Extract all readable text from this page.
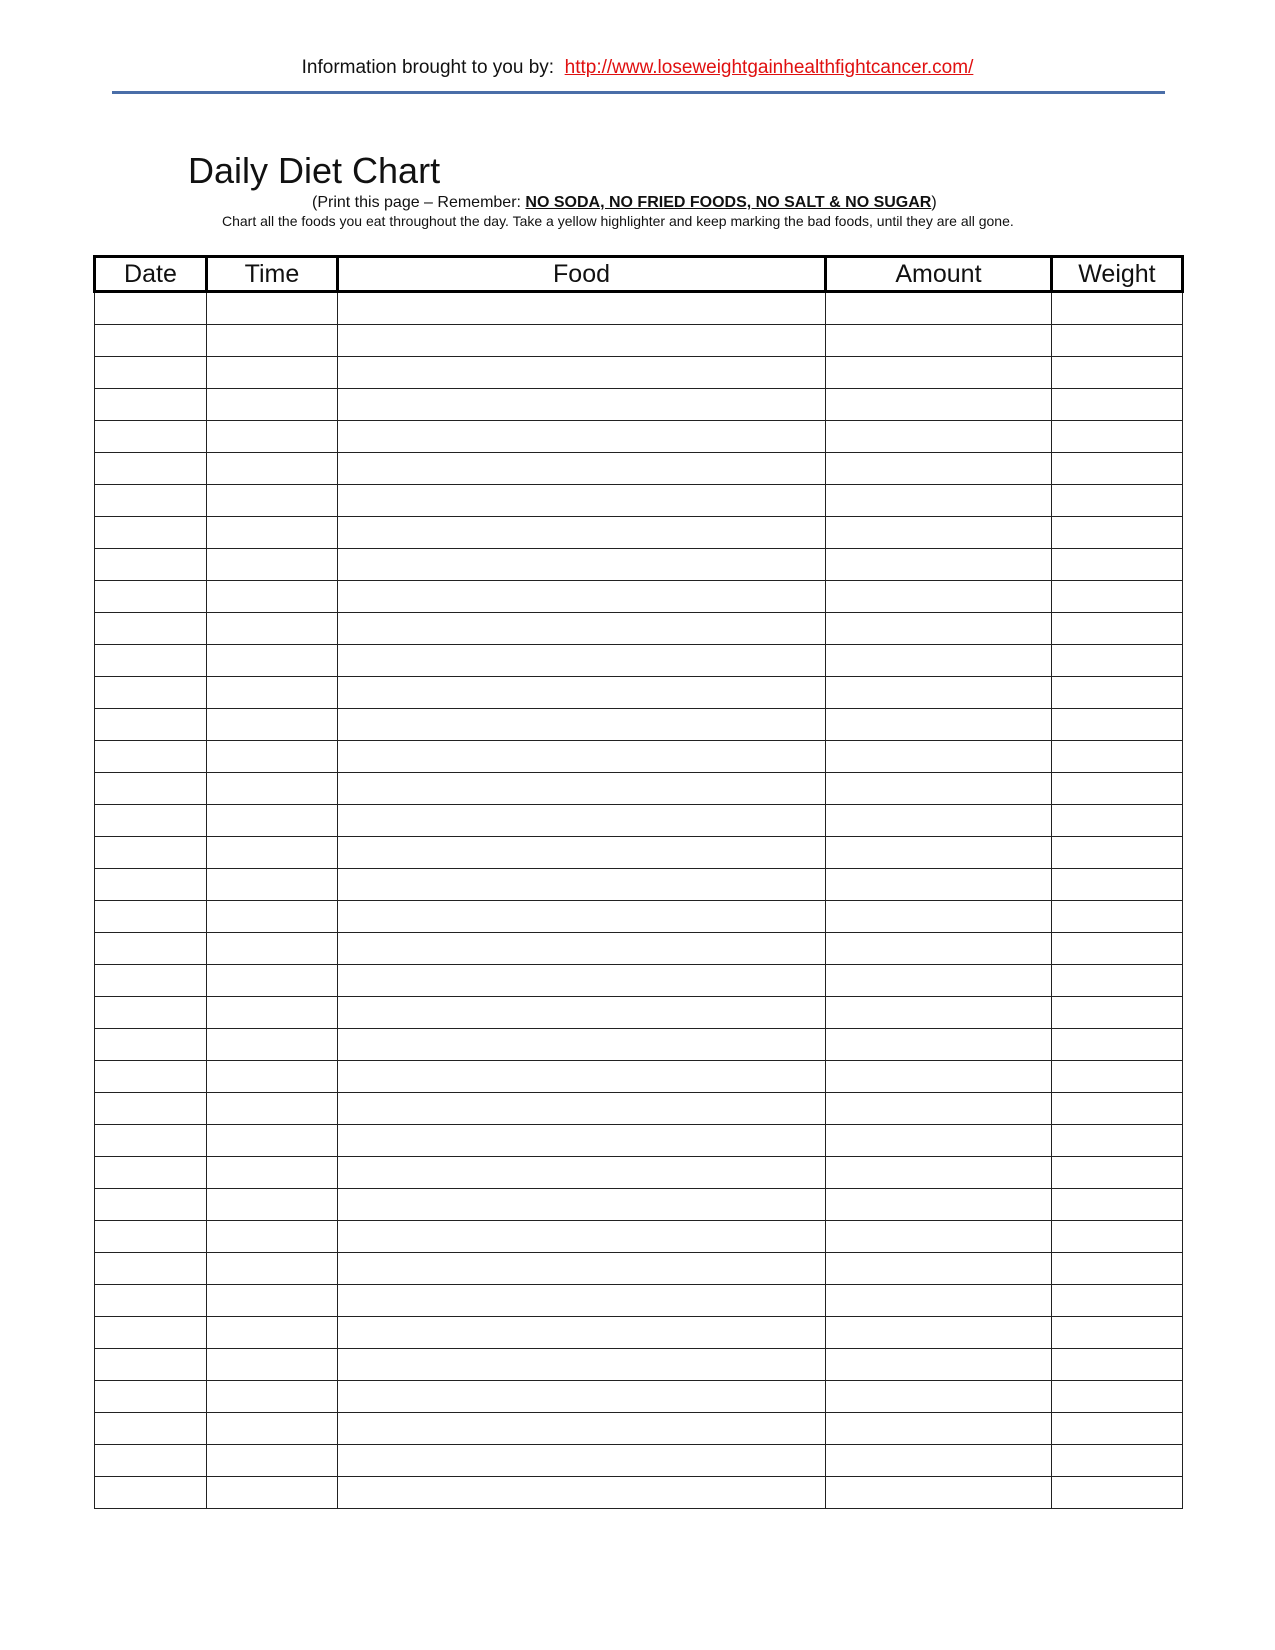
Information brought to you by: http://www.loseweightgainhealthfightcancer.com/
Daily Diet Chart
(Print this page – Remember: NO SODA, NO FRIED FOODS, NO SALT & NO SUGAR)
Chart all the foods you eat throughout the day. Take a yellow highlighter and keep marking the bad foods, until they are all gone.
Date	Time	Food	Amount	Weight
